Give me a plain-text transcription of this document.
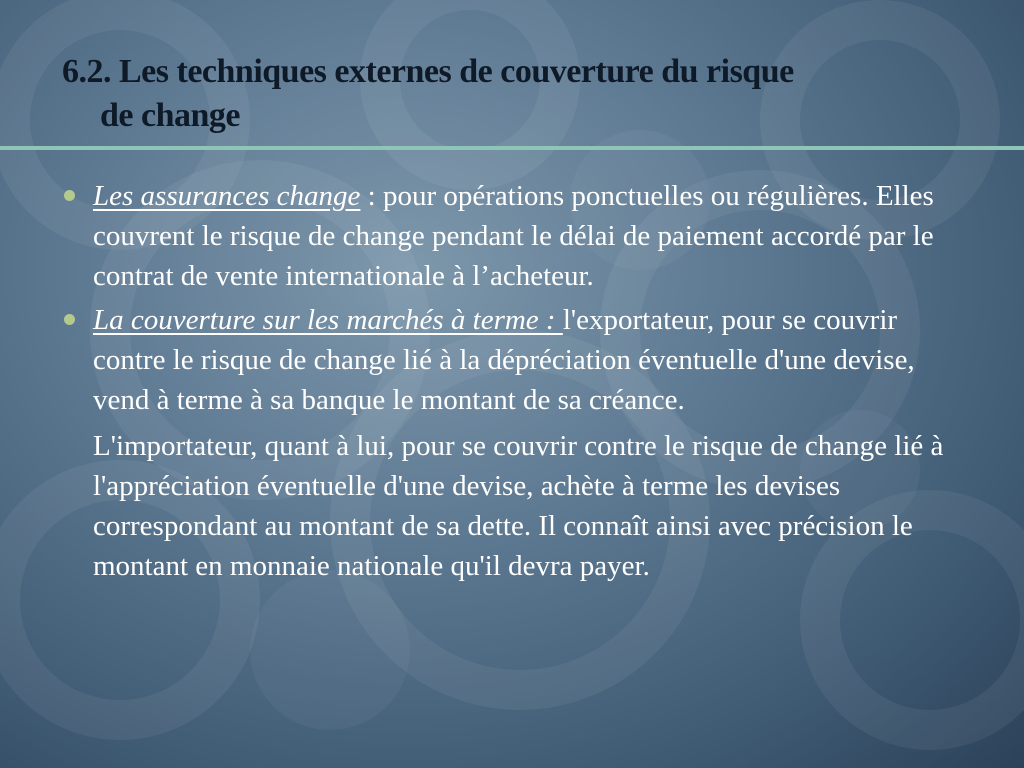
6.2. Les techniques externes de couverture du risque
de change
Les assurances change : pour opérations ponctuelles ou régulières. Elles couvrent le risque de change pendant le délai de paiement accordé par le contrat de vente internationale à l’acheteur.
La couverture sur les marchés à terme : l'exportateur, pour se couvrir contre le risque de change lié à la dépréciation éventuelle d'une devise, vend à terme à sa banque le montant de sa créance.
L'importateur, quant à lui, pour se couvrir contre le risque de change lié à l'appréciation éventuelle d'une devise, achète à terme les devises correspondant au montant de sa dette. Il connaît ainsi avec précision le montant en monnaie nationale qu'il devra payer.
